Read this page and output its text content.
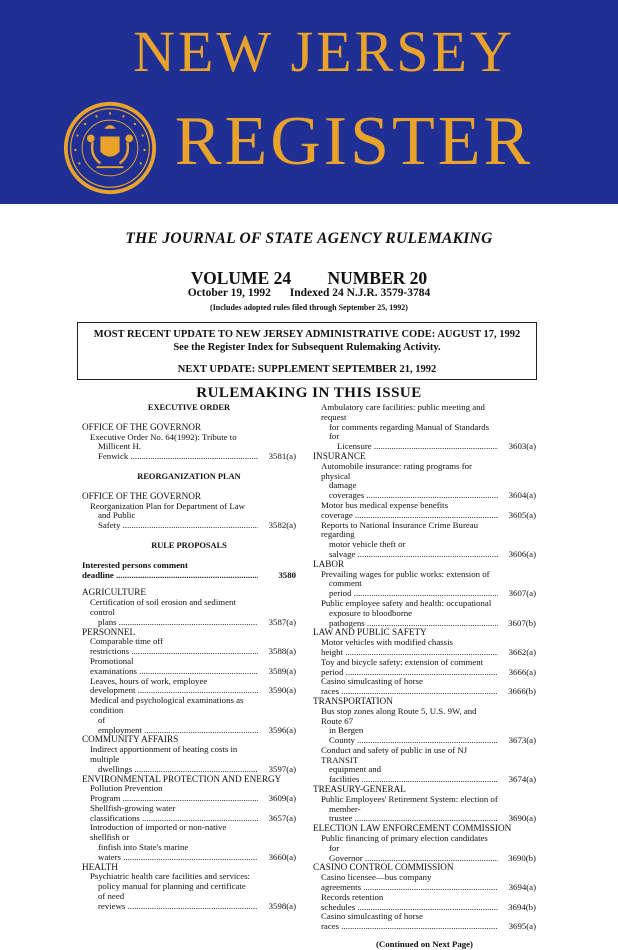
NEW JERSEY
REGISTER
THE JOURNAL OF STATE AGENCY RULEMAKING
VOLUME 24 NUMBER 20
October 19, 1992 Indexed 24 N.J.R. 3579-3784
(Includes adopted rules filed through September 25, 1992)
MOST RECENT UPDATE TO NEW JERSEY ADMINISTRATIVE CODE: AUGUST 17, 1992
See the Register Index for Subsequent Rulemaking Activity.
NEXT UPDATE: SUPPLEMENT SEPTEMBER 21, 1992
RULEMAKING IN THIS ISSUE
EXECUTIVE ORDER
OFFICE OF THE GOVERNOR
Executive Order No. 64(1992): Tribute to
Millicent H. Fenwick .....	3581(a)
REORGANIZATION PLAN
OFFICE OF THE GOVERNOR
Reorganization Plan for Department of Law
and Public Safety .....	3582(a)
RULE PROPOSALS
Interested persons comment deadline .....	3580
AGRICULTURE
Certification of soil erosion and sediment control
plans .....	3587(a)
PERSONNEL
Comparable time off restrictions .....	3588(a)
Promotional examinations .....	3589(a)
Leaves, hours of work, employee development .....	3590(a)
Medical and psychological examinations as condition
of employment .....	3596(a)
COMMUNITY AFFAIRS
Indirect apportionment of heating costs in multiple
dwellings .....	3597(a)
ENVIRONMENTAL PROTECTION AND ENERGY
Pollution Prevention Program .....	3609(a)
Shellfish-growing water classifications .....	3657(a)
Introduction of imported or non-native shellfish or
finfish into State's marine waters .....	3660(a)
HEALTH
Psychiatric health care facilities and services:
policy manual for planning and certificate
of need reviews .....	3598(a)
Ambulatory care facilities: public meeting and request
for comments regarding Manual of Standards for
Licensure .....	3603(a)
INSURANCE
Automobile insurance: rating programs for physical
damage coverages .....	3604(a)
Motor bus medical expense benefits coverage .....	3605(a)
Reports to National Insurance Crime Bureau regarding
motor vehicle theft or salvage .....	3606(a)
LABOR
Prevailing wages for public works: extension of
comment period .....	3607(a)
Public employee safety and health: occupational
exposure to bloodborne pathogens .....	3607(b)
LAW AND PUBLIC SAFETY
Motor vehicles with modified chassis height .....	3662(a)
Toy and bicycle safety: extension of comment period .....	3666(a)
Casino simulcasting of horse races .....	3666(b)
TRANSPORTATION
Bus stop zones along Route 5, U.S. 9W, and Route 67
in Bergen County .....	3673(a)
Conduct and safety of public in use of NJ TRANSIT
equipment and facilities .....	3674(a)
TREASURY-GENERAL
Public Employees' Retirement System: election of
member-trustee .....	3690(a)
ELECTION LAW ENFORCEMENT COMMISSION
Public financing of primary election candidates
for Governor .....	3690(b)
CASINO CONTROL COMMISSION
Casino licensee—bus company agreements .....	3694(a)
Records retention schedules .....	3694(b)
Casino simulcasting of horse races .....	3695(a)
(Continued on Next Page)
